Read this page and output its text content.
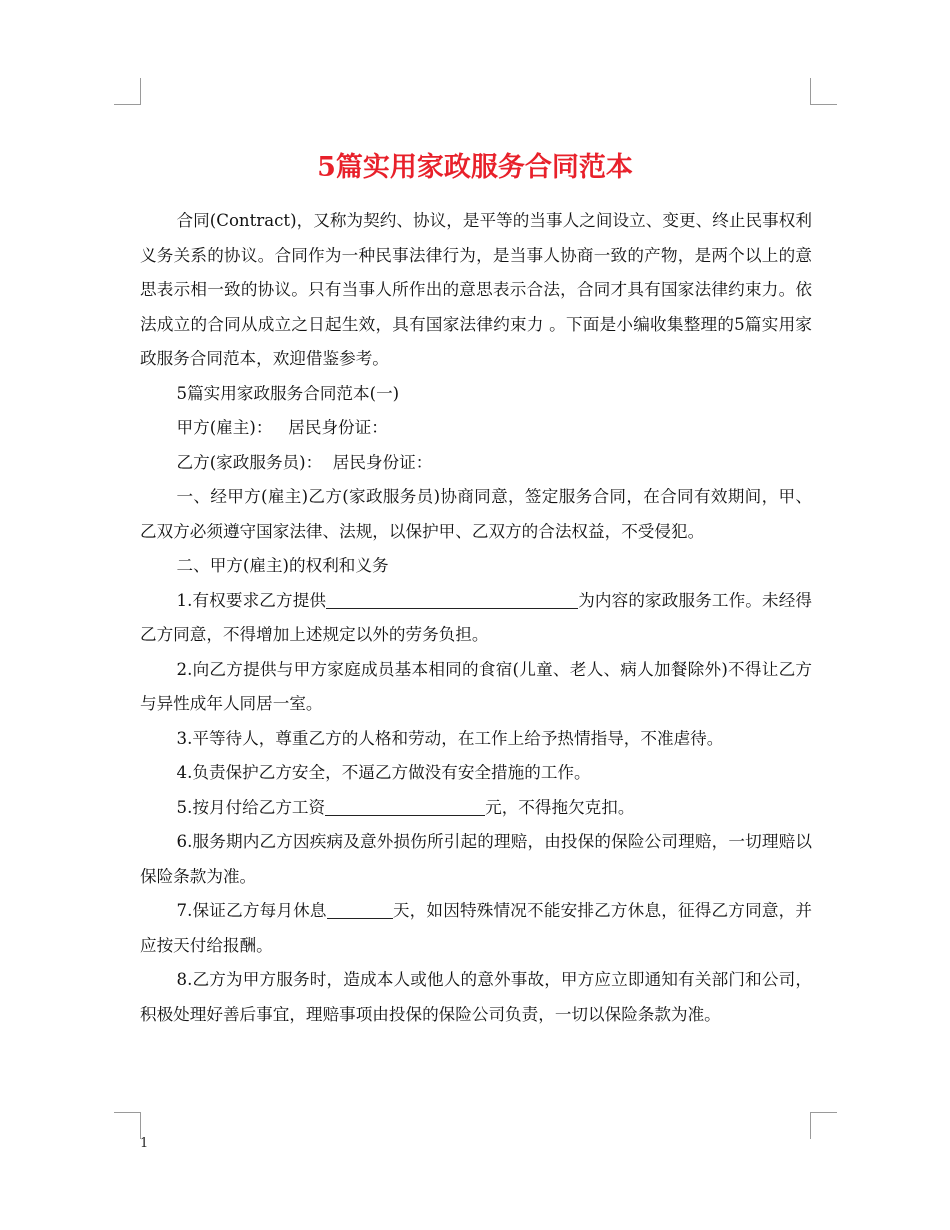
5篇实用家政服务合同范本

合同(Contract)，又称为契约、协议，是平等的当事人之间设立、变更、终止民事权利义务关系的协议。合同作为一种民事法律行为，是当事人协商一致的产物，是两个以上的意思表示相一致的协议。只有当事人所作出的意思表示合法，合同才具有国家法律约束力。依法成立的合同从成立之日起生效，具有国家法律约束力 。下面是小编收集整理的5篇实用家政服务合同范本，欢迎借鉴参考。

5篇实用家政服务合同范本(一)

甲方(雇主)：   居民身份证：

乙方(家政服务员)：  居民身份证：

一、经甲方(雇主)乙方(家政服务员)协商同意，签定服务合同，在合同有效期间，甲、乙双方必须遵守国家法律、法规，以保护甲、乙双方的合法权益，不受侵犯。

二、甲方(雇主)的权利和义务

1.有权要求乙方提供	为内容的家政服务工作。未经得乙方同意，不得增加上述规定以外的劳务负担。

2.向乙方提供与甲方家庭成员基本相同的食宿(儿童、老人、病人加餐除外)不得让乙方与异性成年人同居一室。

3.平等待人，尊重乙方的人格和劳动，在工作上给予热情指导，不准虐待。

4.负责保护乙方安全，不逼乙方做没有安全措施的工作。

5.按月付给乙方工资	元，不得拖欠克扣。

6.服务期内乙方因疾病及意外损伤所引起的理赔，由投保的保险公司理赔，一切理赔以保险条款为准。

7.保证乙方每月休息	天，如因特殊情况不能安排乙方休息，征得乙方同意，并应按天付给报酬。

8.乙方为甲方服务时，造成本人或他人的意外事故，甲方应立即通知有关部门和公司，积极处理好善后事宜，理赔事项由投保的保险公司负责，一切以保险条款为准。

1
